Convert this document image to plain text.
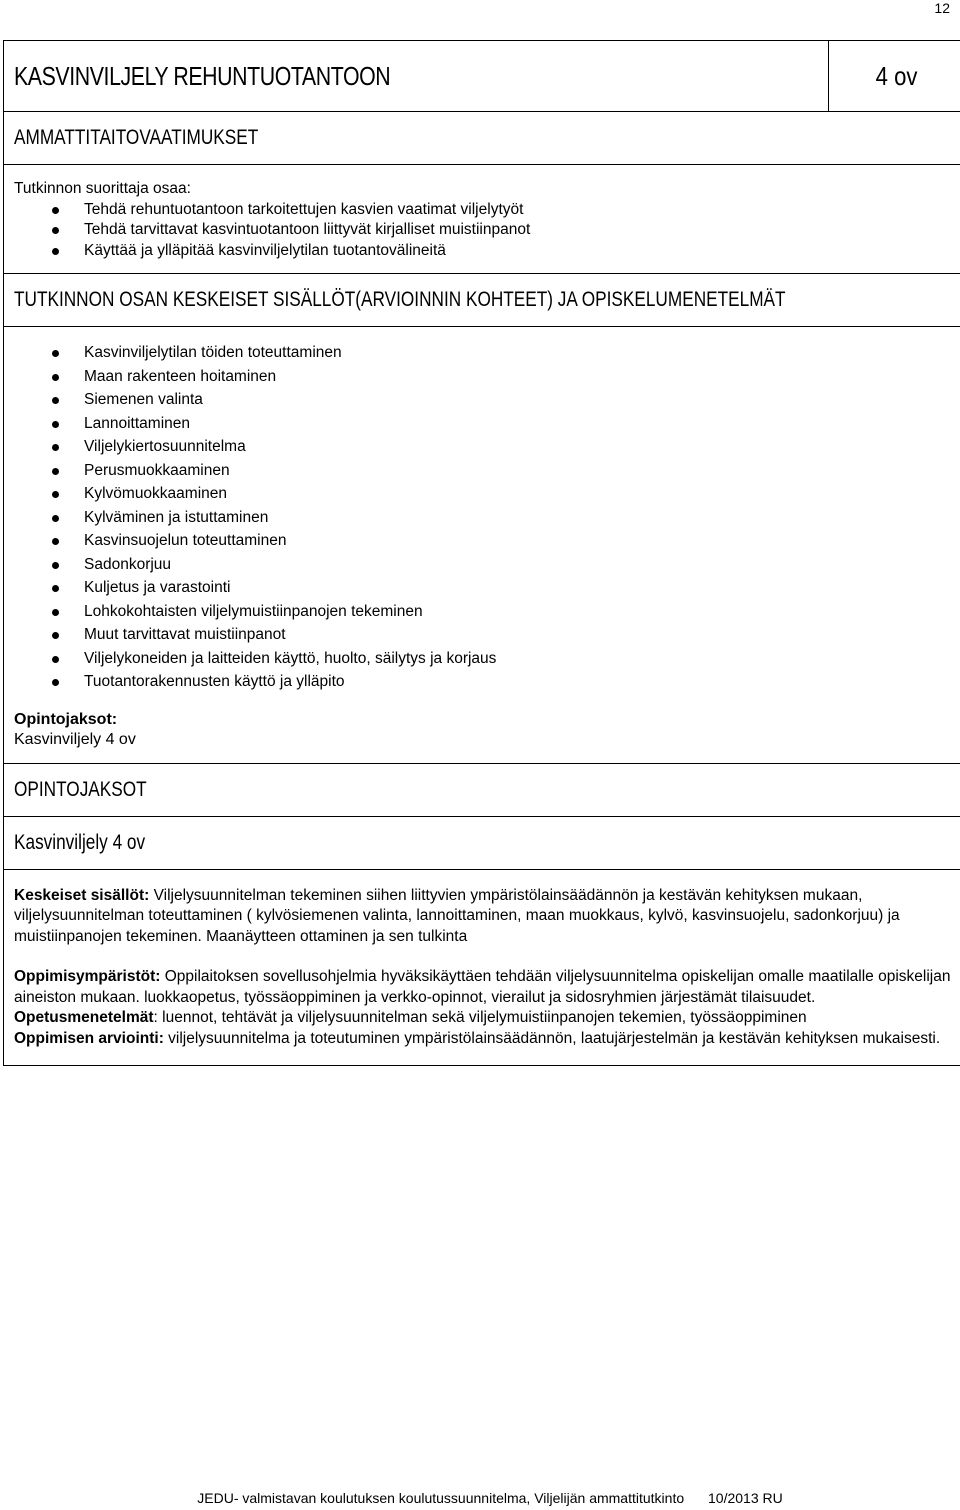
12
KASVINVILJELY REHUNTUOTANTOON	4 ov
AMMATTITAITOVAATIMUKSET

Tutkinnon suorittaja osaa:
Tehdä rehuntuotantoon tarkoitettujen kasvien vaatimat viljelytyöt
Tehdä tarvittavat kasvintuotantoon liittyvät kirjalliset muistiinpanot
Käyttää ja ylläpitää kasvinviljelytilan tuotantovälineitä

TUTKINNON OSAN KESKEISET SISÄLLÖT(ARVIOINNIN KOHTEET) JA OPISKELUMENETELMÄT

Kasvinviljelytilan töiden toteuttaminen
Maan rakenteen hoitaminen
Siemenen valinta
Lannoittaminen
Viljelykiertosuunnitelma
Perusmuokkaaminen
Kylvömuokkaaminen
Kylväminen ja istuttaminen
Kasvinsuojelun toteuttaminen
Sadonkorjuu
Kuljetus ja varastointi
Lohkokohtaisten viljelymuistiinpanojen tekeminen
Muut tarvittavat muistiinpanot
Viljelykoneiden ja laitteiden käyttö, huolto, säilytys ja korjaus
Tuotantorakennusten käyttö ja ylläpito
Opintojaksot:
Kasvinviljely 4 ov

OPINTOJAKSOT
Kasvinviljely 4 ov

Keskeiset sisällöt: Viljelysuunnitelman tekeminen siihen liittyvien ympäristölainsäädännön ja kestävän kehityksen mukaan, viljelysuunnitelman toteuttaminen ( kylvösiemenen valinta, lannoittaminen, maan muokkaus, kylvö, kasvinsuojelu, sadonkorjuu) ja muistiinpanojen tekeminen. Maanäytteen ottaminen ja sen tulkinta

Oppimisympäristöt: Oppilaitoksen sovellusohjelmia hyväksikäyttäen tehdään viljelysuunnitelma opiskelijan omalle maatilalle opiskelijan aineiston mukaan. luokkaopetus, työssäoppiminen ja verkko-opinnot, vierailut ja sidosryhmien järjestämät tilaisuudet.

Opetusmenetelmät: luennot, tehtävät ja viljelysuunnitelman sekä viljelymuistiinpanojen tekemien, työssäoppiminen

Oppimisen arviointi: viljelysuunnitelma ja toteutuminen ympäristölainsäädännön, laatujärjestelmän ja kestävän kehityksen mukaisesti.

JEDU- valmistavan koulutuksen koulutussuunnitelma, Viljelijän ammattitutkinto 10/2013 RU
